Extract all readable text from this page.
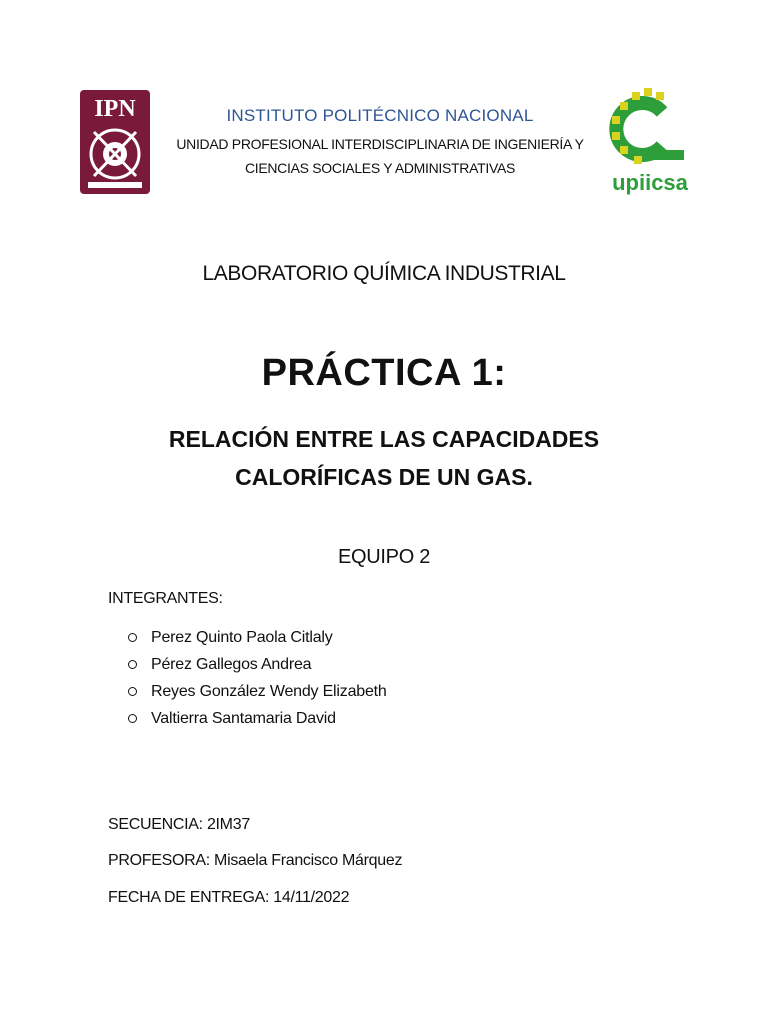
IPN	INSTITUTO POLITÉCNICO NACIONAL

UNIDAD PROFESIONAL INTERDISCIPLINARIA DE INGENIERÍA Y

CIENCIAS SOCIALES Y ADMINISTRATIVAS

upiicsa
LABORATORIO QUÍMICA INDUSTRIAL
PRÁCTICA 1:
RELACIÓN ENTRE LAS CAPACIDADES
CALORÍFICAS DE UN GAS.
EQUIPO 2
INTEGRANTES:
Perez Quinto Paola Citlaly
Pérez Gallegos Andrea
Reyes González Wendy Elizabeth
Valtierra Santamaria David
SECUENCIA: 2IM37
PROFESORA: Misaela Francisco Márquez
FECHA DE ENTREGA: 14/11/2022
